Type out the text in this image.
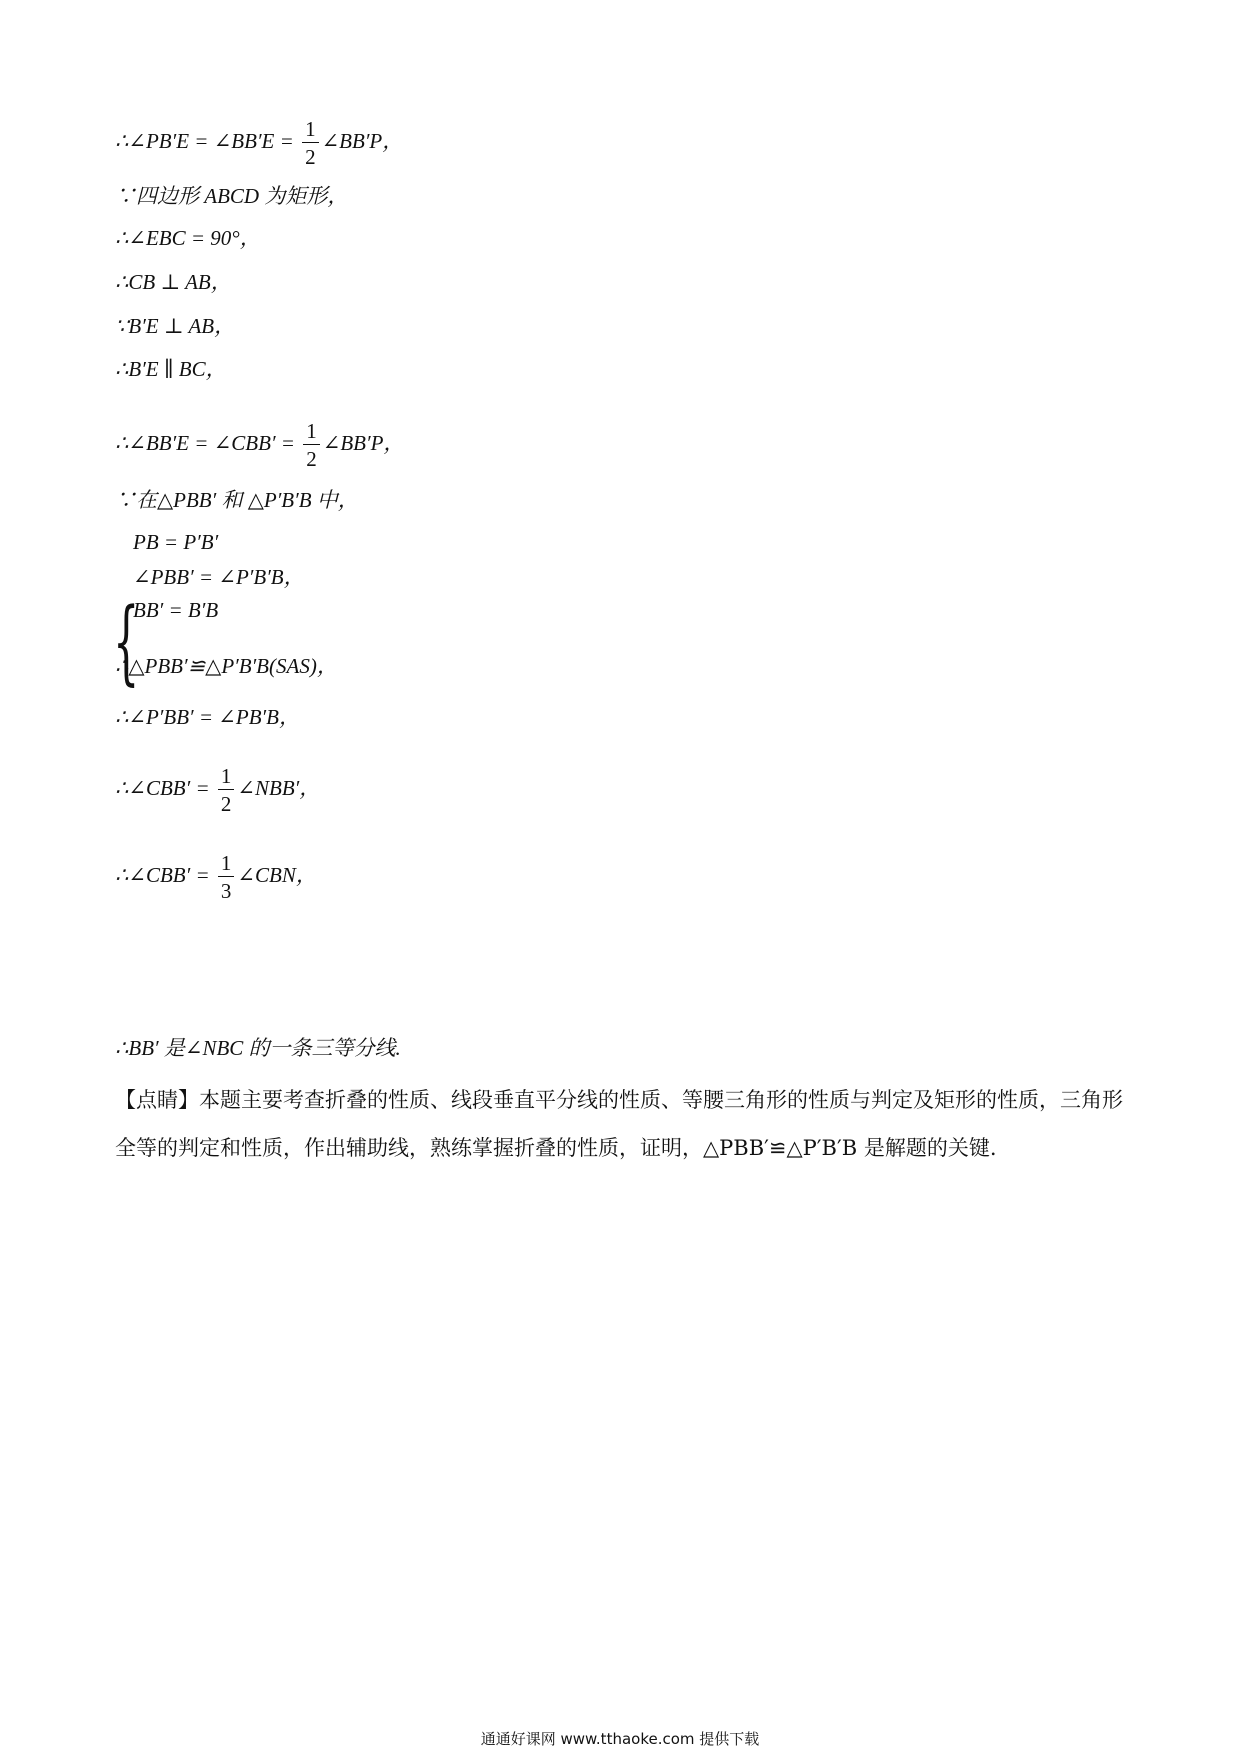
∴∠PB′E = ∠BB′E = $\frac{1}{2}$ ∠BB′P，
∵四边形 ABCD 为矩形，
∴∠EBC = 90°，
∴CB ⊥ AB，
∵B′E ⊥ AB，
∴B′E ∥ BC，
∴∠BB′E = ∠CBB′ = $\frac{1}{2}$ ∠BB′P，
∵在△PBB′ 和 △P′B′B 中，
{
PB = P′B′
∠PBB′ = ∠P′B′B，
BB′ = B′B
∴△PBB′≌△P′B′B(SAS)，
∴∠P′BB′ = ∠PB′B，
∴∠CBB′ = $\frac{1}{2}$ ∠NBB′，
∴∠CBB′ = $\frac{1}{3}$ ∠CBN，
∴BB′ 是∠NBC 的一条三等分线.
【点睛】本题主要考查折叠的性质、线段垂直平分线的性质、等腰三角形的性质与判定及矩形的性质，三角形全等的判定和性质，作出辅助线，熟练掌握折叠的性质，证明，△PBB′≌△P′B′B 是解题的关键.
通通好课网 www.tthaoke.com 提供下载
